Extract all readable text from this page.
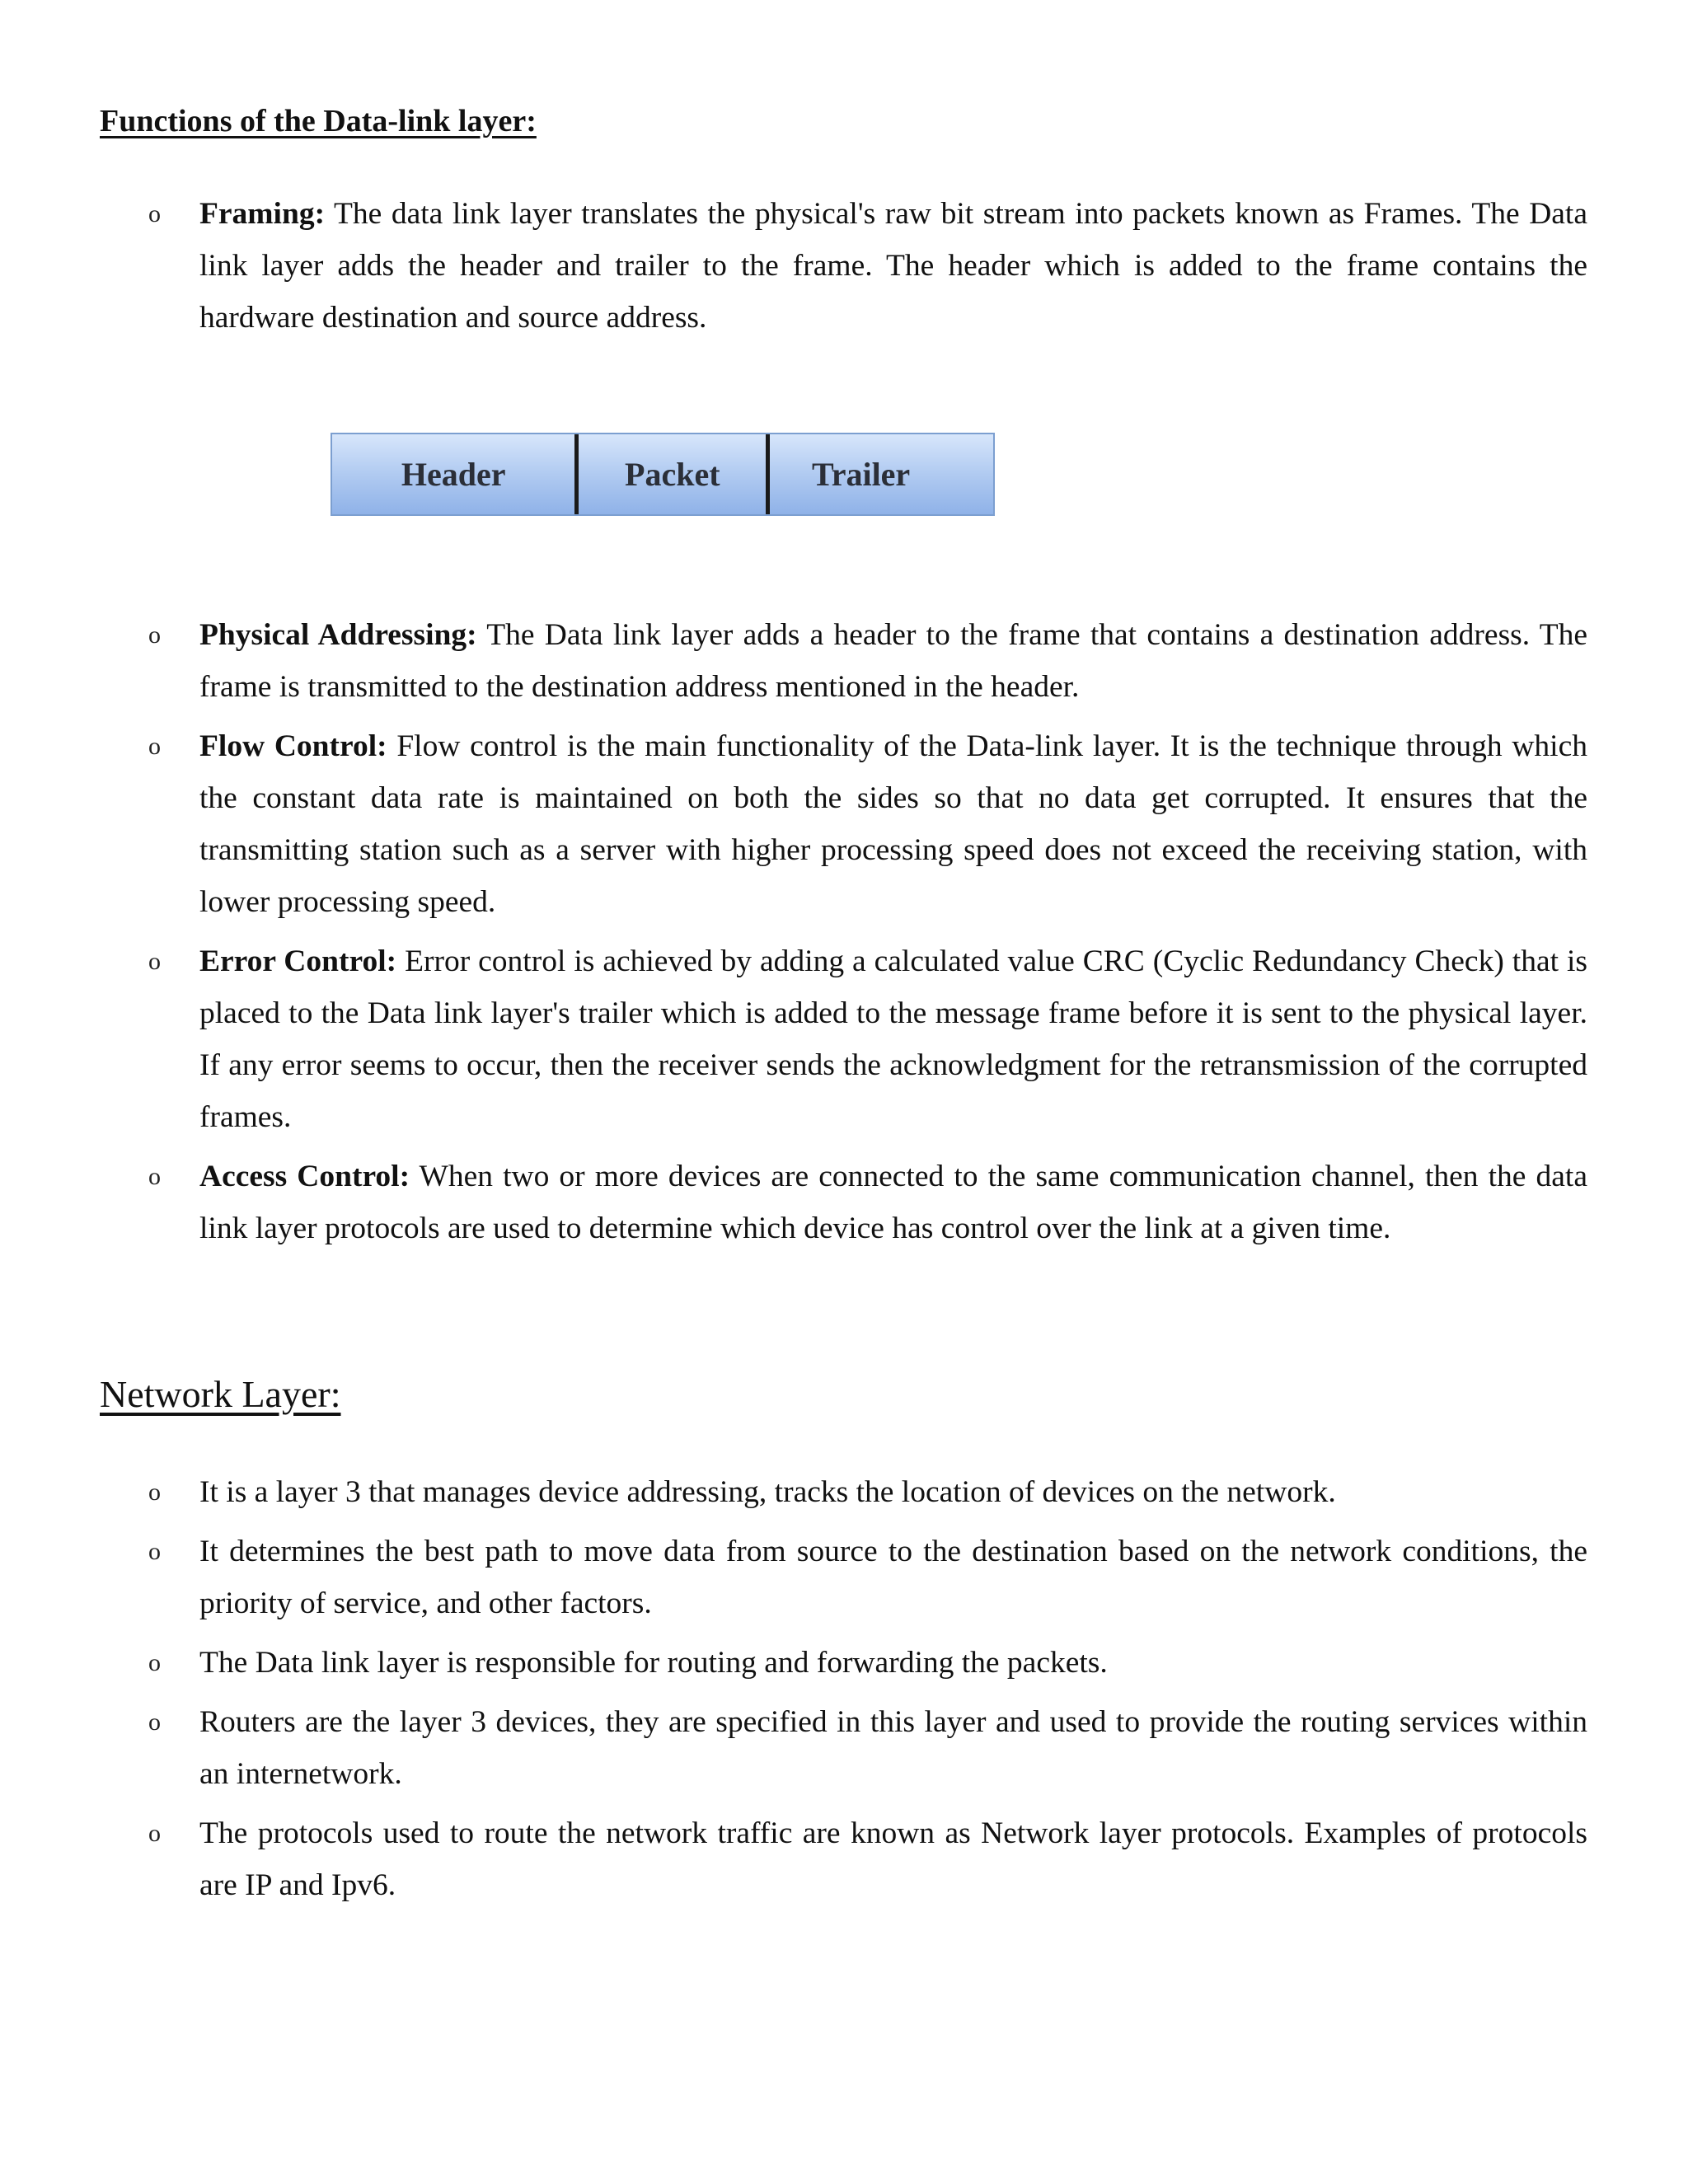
Functions of the Data-link layer:
o Framing: The data link layer translates the physical's raw bit stream into packets known as Frames. The Data link layer adds the header and trailer to the frame. The header which is added to the frame contains the hardware destination and source address.
Header	Packet	Trailer
o Physical Addressing: The Data link layer adds a header to the frame that contains a destination address. The frame is transmitted to the destination address mentioned in the header.
o Flow Control: Flow control is the main functionality of the Data-link layer. It is the technique through which the constant data rate is maintained on both the sides so that no data get corrupted. It ensures that the transmitting station such as a server with higher processing speed does not exceed the receiving station, with lower processing speed.
o Error Control: Error control is achieved by adding a calculated value CRC (Cyclic Redundancy Check) that is placed to the Data link layer's trailer which is added to the message frame before it is sent to the physical layer. If any error seems to occur, then the receiver sends the acknowledgment for the retransmission of the corrupted frames.
o Access Control: When two or more devices are connected to the same communication channel, then the data link layer protocols are used to determine which device has control over the link at a given time.
Network Layer:
o It is a layer 3 that manages device addressing, tracks the location of devices on the network.
o It determines the best path to move data from source to the destination based on the network conditions, the priority of service, and other factors.
o The Data link layer is responsible for routing and forwarding the packets.
o Routers are the layer 3 devices, they are specified in this layer and used to provide the routing services within an internetwork.
o The protocols used to route the network traffic are known as Network layer protocols. Examples of protocols are IP and Ipv6.
